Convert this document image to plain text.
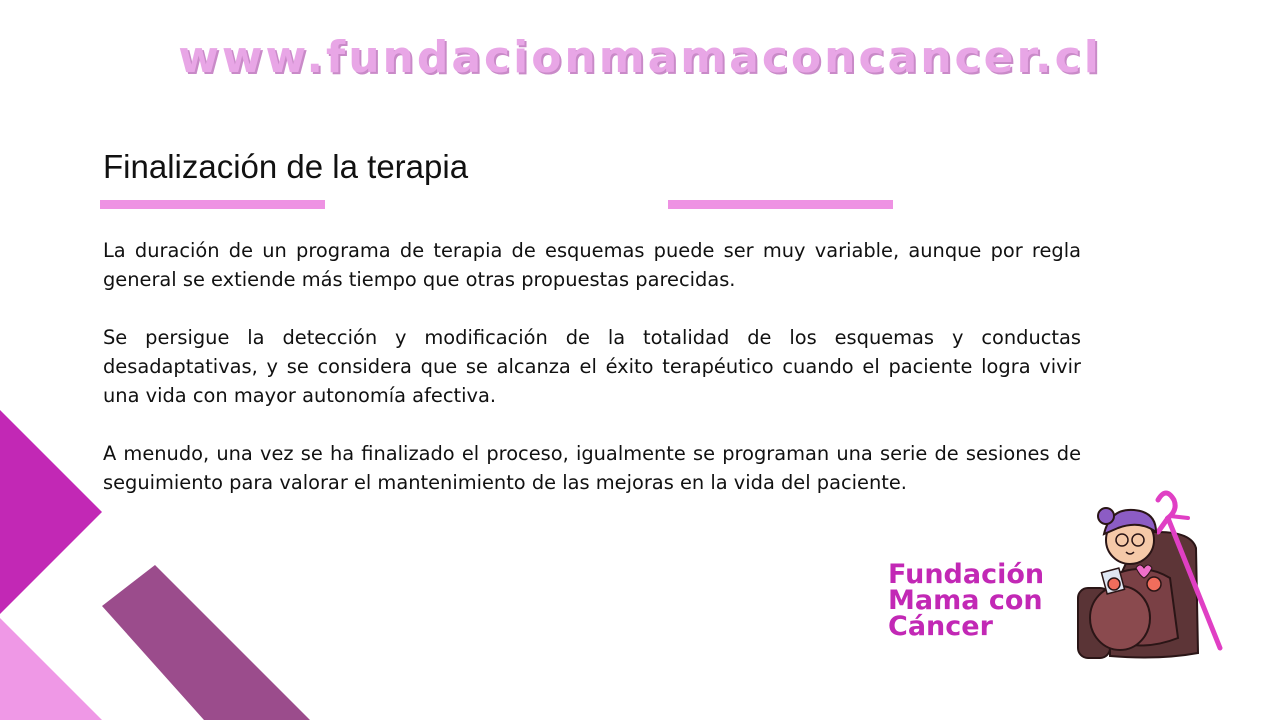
www.fundacionmamaconcancer.cl
Finalización de la terapia

La duración de un programa de terapia de esquemas puede ser muy variable, aunque por regla general se extiende más tiempo que otras propuestas parecidas.

Se persigue la detección y modificación de la totalidad de los esquemas y conductas desadaptativas, y se considera que se alcanza el éxito terapéutico cuando el paciente logra vivir una vida con mayor autonomía afectiva.

A menudo, una vez se ha finalizado el proceso, igualmente se programan una serie de sesiones de seguimiento para valorar el mantenimiento de las mejoras en la vida del paciente.

Fundación
Mama con
Cáncer
